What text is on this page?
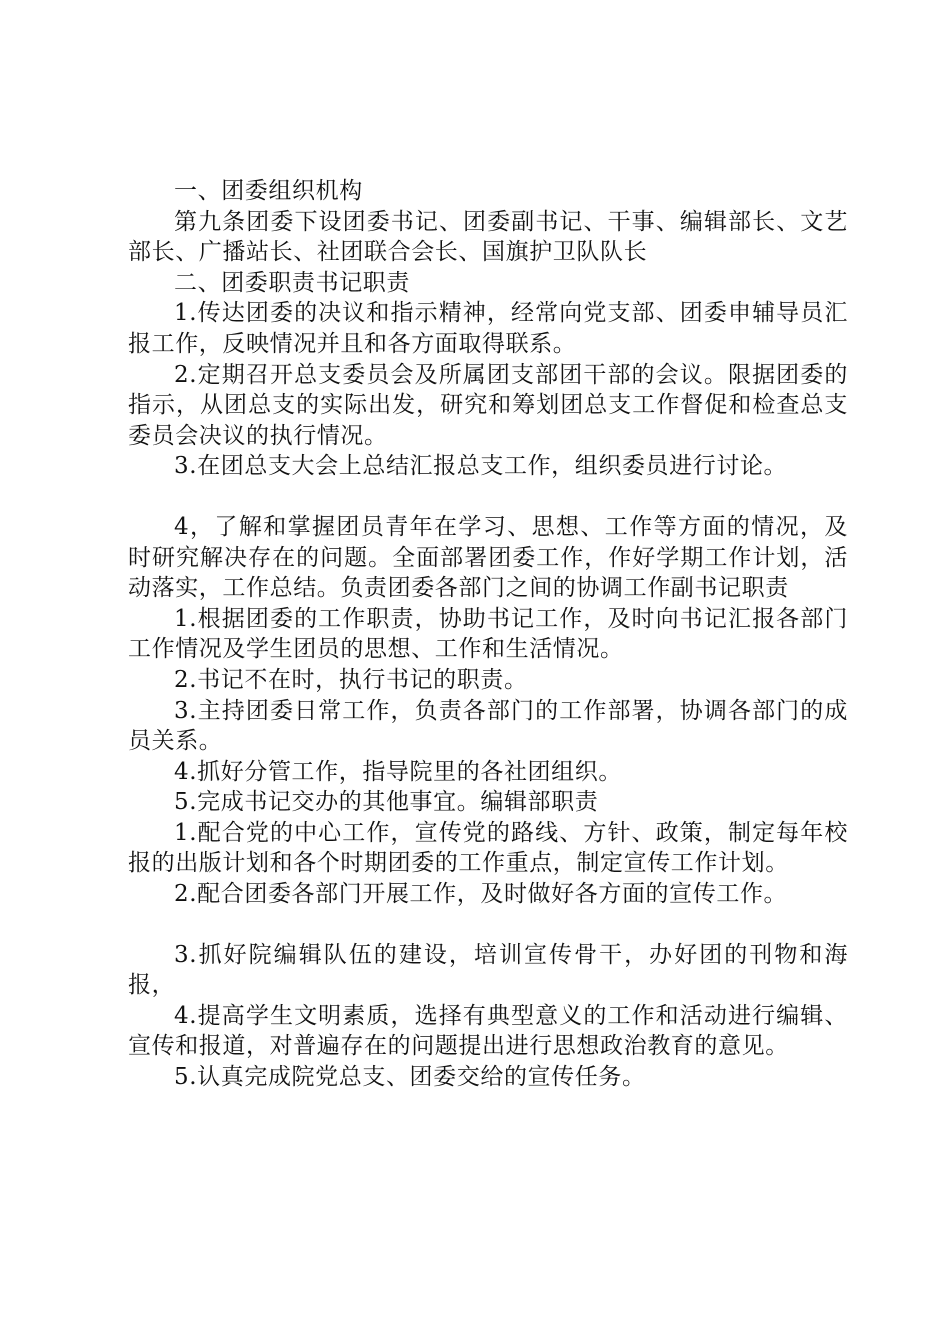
一、团委组织机构

第九条团委下设团委书记、团委副书记、干事、编辑部长、文艺部长、广播站长、社团联合会长、国旗护卫队队长

二、团委职责书记职责

1.传达团委的决议和指示精神，经常向党支部、团委申辅导员汇报工作，反映情况并且和各方面取得联系。

2.定期召开总支委员会及所属团支部团干部的会议。限据团委的指示，从团总支的实际出发，研究和筹划团总支工作督促和检查总支委员会决议的执行情况。

3.在团总支大会上总结汇报总支工作，组织委员进行讨论。

4，了解和掌握团员青年在学习、思想、工作等方面的情况，及时研究解决存在的问题。全面部署团委工作，作好学期工作计划，活动落实，工作总结。负责团委各部门之间的协调工作副书记职责

1.根据团委的工作职责，协助书记工作，及时向书记汇报各部门工作情况及学生团员的思想、工作和生活情况。

2.书记不在时，执行书记的职责。

3.主持团委日常工作，负责各部门的工作部署，协调各部门的成员关系。

4.抓好分管工作，指导院里的各社团组织。

5.完成书记交办的其他事宜。编辑部职责

1.配合党的中心工作，宣传党的路线、方针、政策，制定每年校报的出版计划和各个时期团委的工作重点，制定宣传工作计划。

2.配合团委各部门开展工作，及时做好各方面的宣传工作。

3.抓好院编辑队伍的建设，培训宣传骨干，办好团的刊物和海报，

4.提高学生文明素质，选择有典型意义的工作和活动进行编辑、宣传和报道，对普遍存在的问题提出进行思想政治教育的意见。

5.认真完成院党总支、团委交给的宣传任务。
